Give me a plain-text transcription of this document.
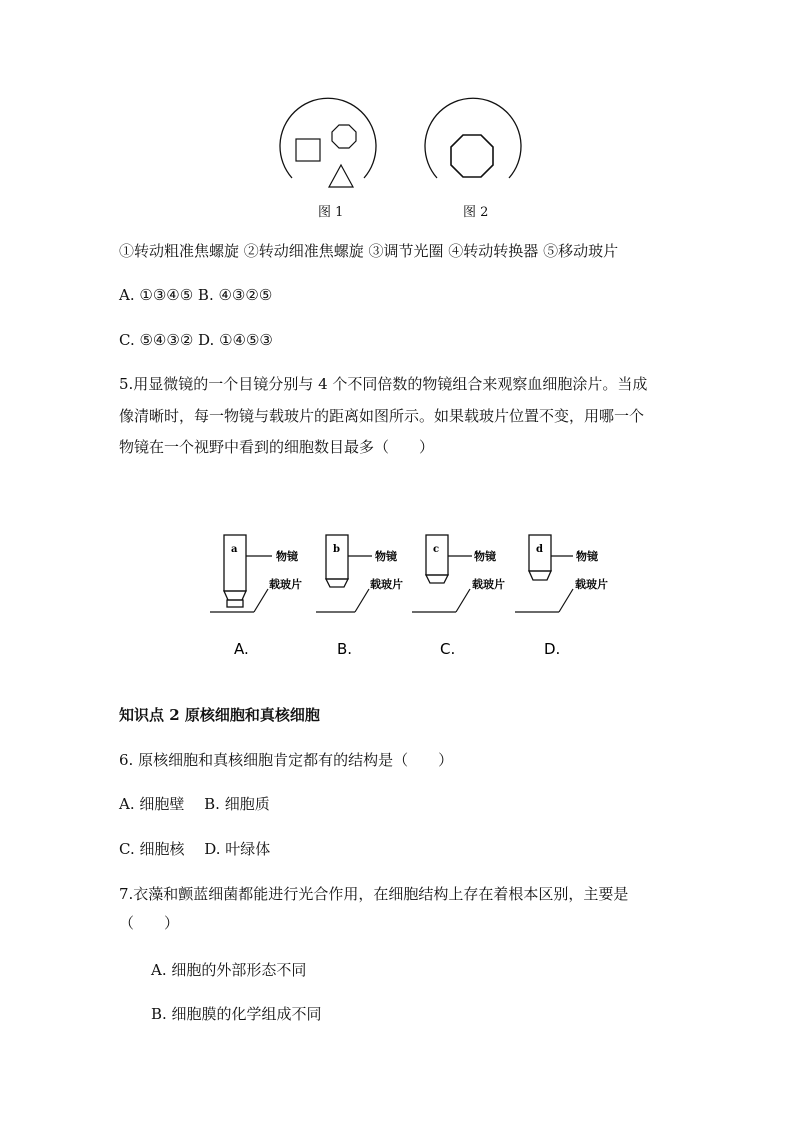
图 1	图 2
①转动粗准焦螺旋 ②转动细准焦螺旋 ③调节光圈 ④转动转换器 ⑤移动玻片
A. ①③④⑤ B. ④③②⑤
C. ⑤④③② D. ①④⑤③
5.用显微镜的一个目镜分别与 4 个不同倍数的物镜组合来观察血细胞涂片。当成
像清晰时，每一物镜与载玻片的距离如图所示。如果载玻片位置不变，用哪一个
物镜在一个视野中看到的细胞数目最多（　　）
a
物镜
载玻片
b
物镜
载玻片
c
物镜
载玻片
d
物镜
载玻片
A.	B.	C.	D.
知识点 2 原核细胞和真核细胞
6. 原核细胞和真核细胞肯定都有的结构是（　　）
A. 细胞壁　 B. 细胞质
C. 细胞核　 D. 叶绿体
7.衣藻和颤蓝细菌都能进行光合作用，在细胞结构上存在着根本区别，主要是
（　　）
A. 细胞的外部形态不同
B. 细胞膜的化学组成不同
